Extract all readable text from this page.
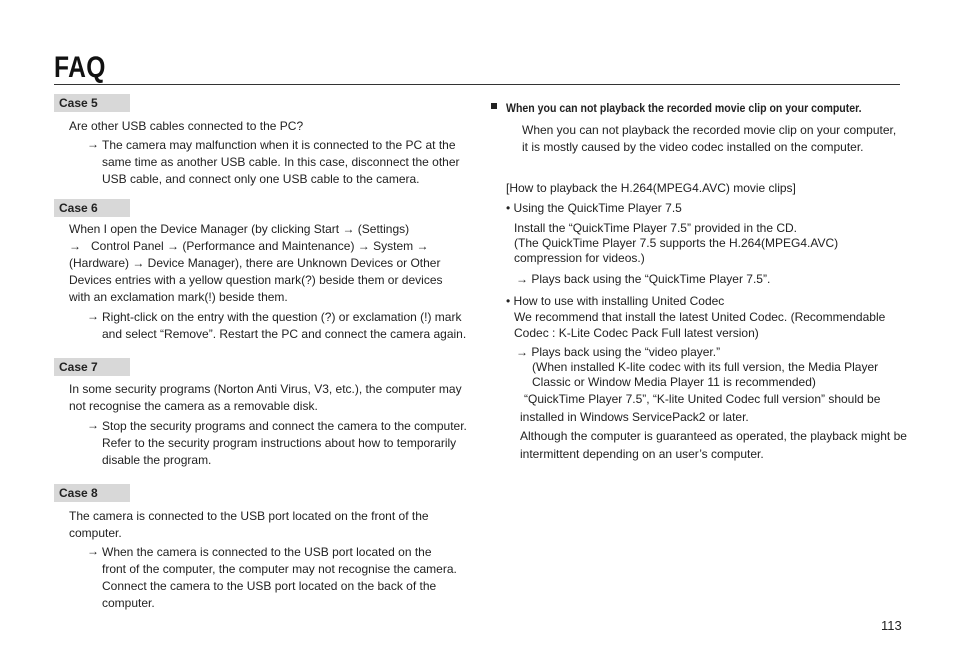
FAQ
Case 5
Are other USB cables connected to the PC?
→ The camera may malfunction when it is connected to the PC at the
same time as another USB cable. In this case, disconnect the other
USB cable, and connect only one USB cable to the camera.
Case 6
When I open the Device Manager (by clicking Start → (Settings)
→   Control Panel → (Performance and Maintenance) → System →
(Hardware) → Device Manager), there are Unknown Devices or Other
Devices entries with a yellow question mark(?) beside them or devices
with an exclamation mark(!) beside them.
→ Right-click on the entry with the question (?) or exclamation (!) mark
and select “Remove”. Restart the PC and connect the camera again.
Case 7
In some security programs (Norton Anti Virus, V3, etc.), the computer may
not recognise the camera as a removable disk.
→ Stop the security programs and connect the camera to the computer.
Refer to the security program instructions about how to temporarily
disable the program.
Case 8
The camera is connected to the USB port located on the front of the
computer.
→ When the camera is connected to the USB port located on the
front of the computer, the computer may not recognise the camera.
Connect the camera to the USB port located on the back of the
computer.
When you can not playback the recorded movie clip on your computer.
When you can not playback the recorded movie clip on your computer,
it is mostly caused by the video codec installed on the computer.
[How to playback the H.264(MPEG4.AVC) movie clips]
• Using the QuickTime Player 7.5
Install the “QuickTime Player 7.5” provided in the CD.
(The QuickTime Player 7.5 supports the H.264(MPEG4.AVC)
compression for videos.)
→ Plays back using the “QuickTime Player 7.5”.
• How to use with installing United Codec
We recommend that install the latest United Codec. (Recommendable
Codec : K-Lite Codec Pack Full latest version)
→ Plays back using the “video player.”
(When installed K-lite codec with its full version, the Media Player
Classic or Window Media Player 11 is recommended)
“QuickTime Player 7.5”, “K-lite United Codec full version” should be
installed in Windows ServicePack2 or later.
Although the computer is guaranteed as operated, the playback might be
intermittent depending on an user’s computer.
113
